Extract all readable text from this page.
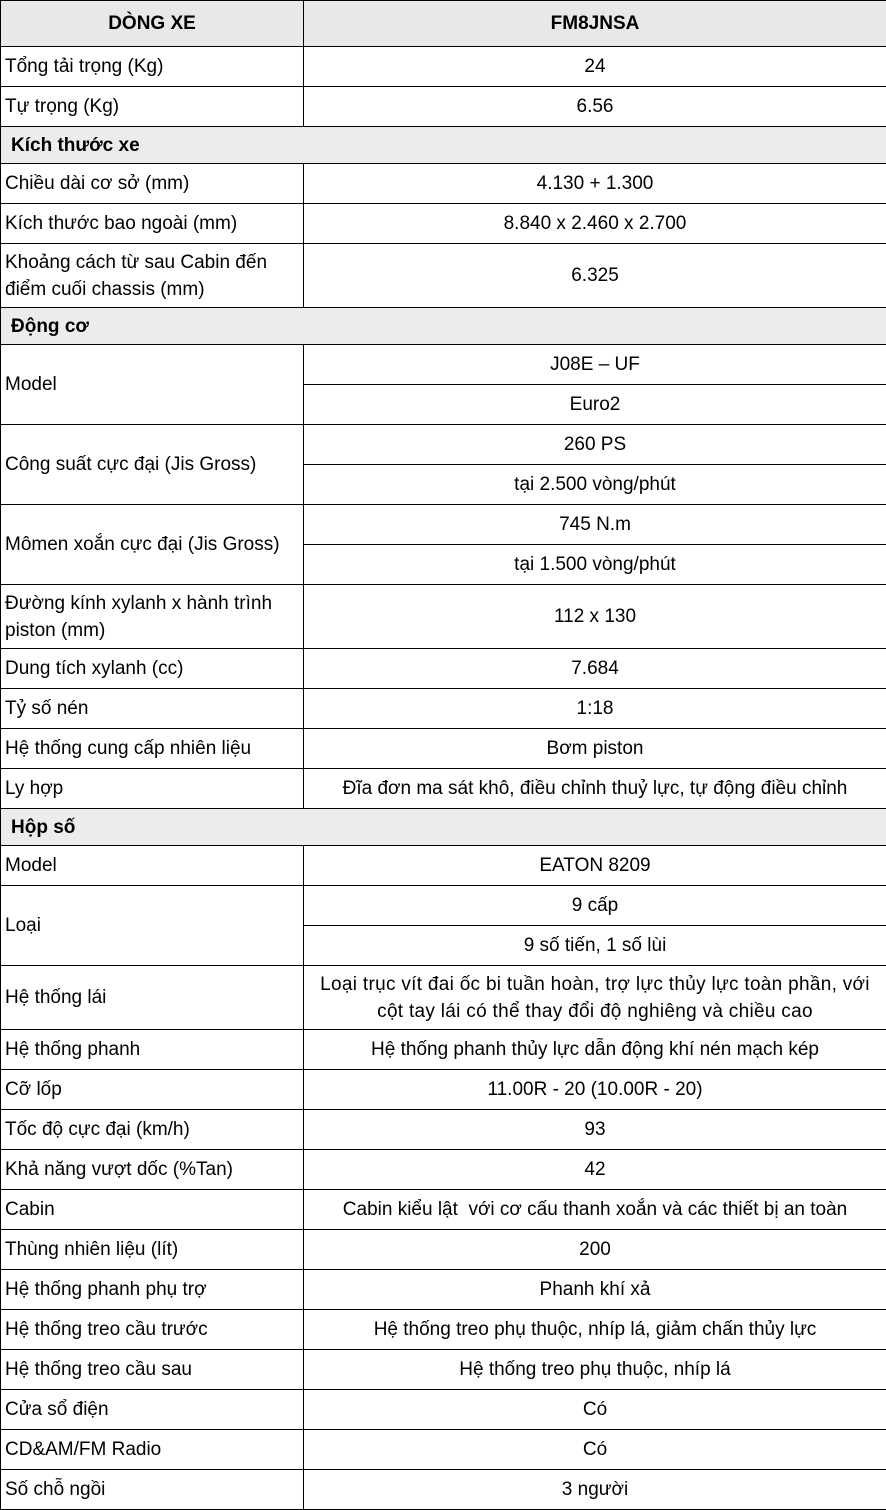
DÒNG XE	FM8JNSA
Tổng tải trọng (Kg)	24
Tự trọng (Kg)	6.56
Kích thước xe	
Chiều dài cơ sở (mm)	4.130 + 1.300
Kích thước bao ngoài (mm)	8.840 x 2.460 x 2.700
Khoảng cách từ sau Cabin đến điểm cuối chassis (mm)	6.325
Động cơ	
Model	J08E – UF
	Euro2
Công suất cực đại (Jis Gross)	260 PS
	tại 2.500 vòng/phút
Mômen xoắn cực đại (Jis Gross)	745 N.m
	tại 1.500 vòng/phút
Đường kính xylanh x hành trình piston (mm)	112 x 130
Dung tích xylanh (cc)	7.684
Tỷ số nén	1:18
Hệ thống cung cấp nhiên liệu	Bơm piston
Ly hợp	Đĩa đơn ma sát khô, điều chỉnh thuỷ lực, tự động điều chỉnh
Hộp số	
Model	EATON 8209
Loại	9 cấp
	9 số tiến, 1 số lùi
Hệ thống lái	Loại trục vít đai ốc bi tuần hoàn, trợ lực thủy lực toàn phần, với cột tay lái có thể thay đổi độ nghiêng và chiều cao
Hệ thống phanh	Hệ thống phanh thủy lực dẫn động khí nén mạch kép
Cỡ lốp	11.00R - 20 (10.00R - 20)
Tốc độ cực đại (km/h)	93
Khả năng vượt dốc (%Tan)	42
Cabin	Cabin kiểu lật  với cơ cấu thanh xoắn và các thiết bị an toàn
Thùng nhiên liệu (lít)	200
Hệ thống phanh phụ trợ	Phanh khí xả
Hệ thống treo cầu trước	Hệ thống treo phụ thuộc, nhíp lá, giảm chấn thủy lực
Hệ thống treo cầu sau	Hệ thống treo phụ thuộc, nhíp lá
Cửa sổ điện	Có
CD&AM/FM Radio	Có
Số chỗ ngồi	3 người
